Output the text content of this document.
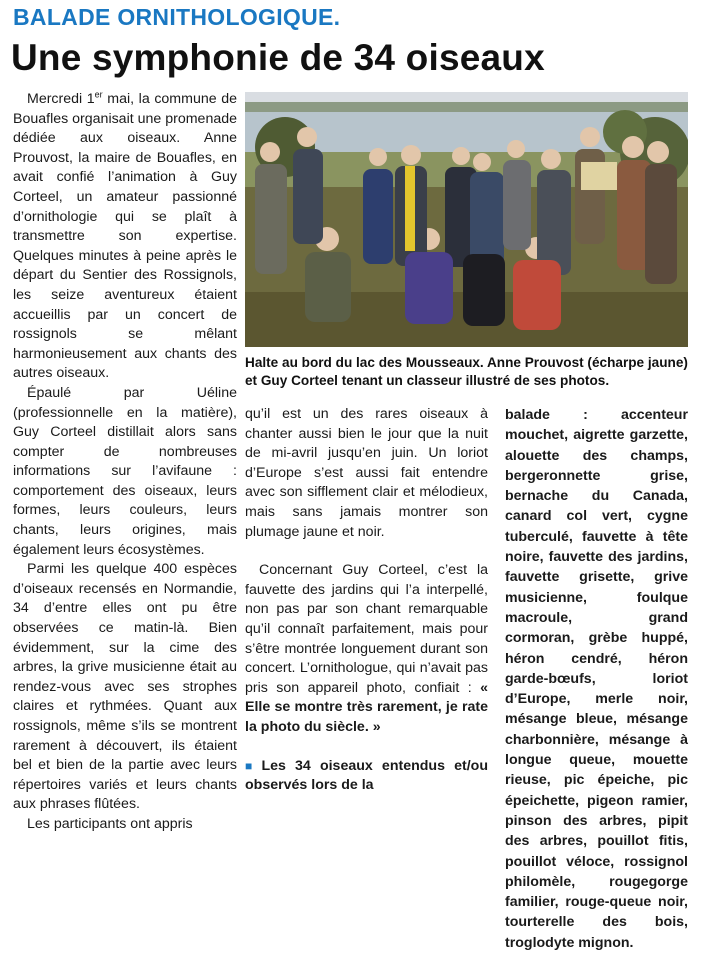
BALADE ORNITHOLOGIQUE.
Une symphonie de 34 oiseaux

Mercredi 1er mai, la commune de Bouafles organisait une promenade dédiée aux oiseaux. Anne Prouvost, la maire de Bouafles, en avait confié l’animation à Guy Corteel, un amateur passionné d’ornithologie qui se plaît à transmettre son expertise. Quelques minutes à peine après le départ du Sentier des Rossignols, les seize aventureux étaient accueillis par un concert de rossignols se mêlant harmonieusement aux chants des autres oiseaux.

Épaulé par Uéline (professionnelle en la matière), Guy Corteel distillait alors sans compter de nombreuses informations sur l’avifaune : comportement des oiseaux, leurs formes, leurs couleurs, leurs chants, leurs origines, mais également leurs écosystèmes.

Parmi les quelque 400 espèces d’oiseaux recensés en Normandie, 34 d’entre elles ont pu être observées ce matin-là. Bien évidemment, sur la cime des arbres, la grive musicienne était au rendez-vous avec ses strophes claires et rythmées. Quant aux rossignols, même s’ils se montrent rarement à découvert, ils étaient bel et bien de la partie avec leurs répertoires variés et leurs chants aux phrases flûtées.

Les participants ont appris

Halte au bord du lac des Mousseaux. Anne Prouvost (écharpe jaune) et Guy Corteel tenant un classeur illustré de ses photos.

qu’il est un des rares oiseaux à chanter aussi bien le jour que la nuit de mi-avril jusqu’en juin. Un loriot d’Europe s’est aussi fait entendre avec son sifflement clair et mélodieux, mais sans jamais montrer son plumage jaune et noir.

Concernant Guy Corteel, c’est la fauvette des jardins qui l’a interpellé, non pas par son chant remarquable qu’il connaît parfaitement, mais pour s’être montrée longuement durant son concert. L’ornithologue, qui n’avait pas pris son appareil photo, confiait : « Elle se montre très rarement, je rate la photo du siècle. »

■ Les 34 oiseaux entendus et/ou observés lors de la

balade : accenteur mouchet, aigrette garzette, alouette des champs, bergeronnette grise, bernache du Canada, canard col vert, cygne tuberculé, fauvette à tête noire, fauvette des jardins, fauvette grisette, grive musicienne, foulque macroule, grand cormoran, grèbe huppé, héron cendré, héron garde-bœufs, loriot d’Europe, merle noir, mésange bleue, mésange charbonnière, mésange à longue queue, mouette rieuse, pic épeiche, pic épeichette, pigeon ramier, pinson des arbres, pipit des arbres, pouillot fitis, pouillot véloce, rossignol philomèle, rougegorge familier, rouge-queue noir, tourterelle des bois, troglodyte mignon.
